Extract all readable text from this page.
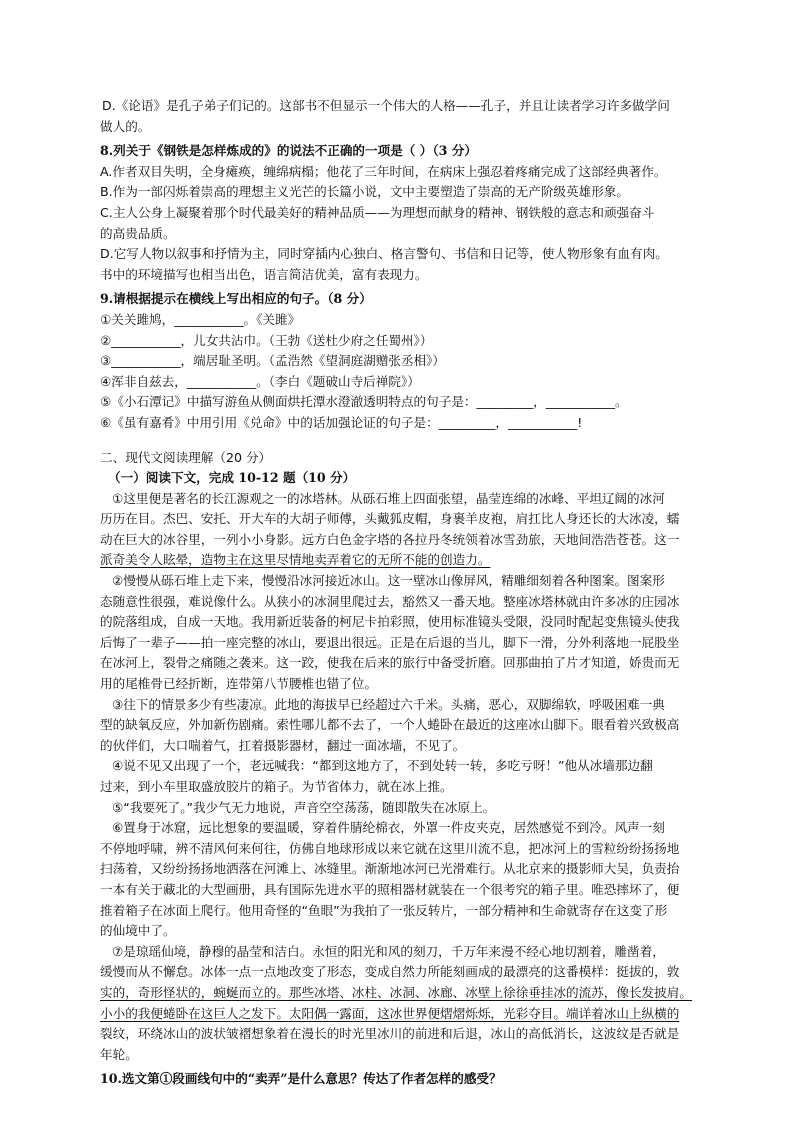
D.《论语》是孔子弟子们记的。这部书不但显示一个伟大的人格——孔子，并且让读者学习许多做学问
做人的。
8.列关于《钢铁是怎样炼成的》的说法不正确的一项是（ ）（3 分）
A.作者双目失明，全身瘫痪，缠绵病榻；他花了三年时间，在病床上强忍着疼痛完成了这部经典著作。
B.作为一部闪烁着崇高的理想主义光芒的长篇小说，文中主要塑造了崇高的无产阶级英雄形象。
C.主人公身上凝聚着那个时代最美好的精神品质——为理想而献身的精神、钢铁般的意志和顽强奋斗
的高贵品质。
D.它写人物以叙事和抒情为主，同时穿插内心独白、格言警句、书信和日记等，使人物形象有血有肉。
书中的环境描写也相当出色，语言简洁优美，富有表现力。
9.请根据提示在横线上写出相应的句子。（8 分）
①关关雎鸠，___________。《关雎》
②___________，儿女共沾巾。（王勃《送杜少府之任蜀州》）
③___________，端居耻圣明。（孟浩然《望洞庭湖赠张丞相》）
④浑非自兹去，___________。（李白《题破山寺后禅院》）
⑤《小石潭记》中描写游鱼从侧面烘托潭水澄澈透明特点的句子是：_________，___________。
⑥《虽有嘉肴》中用引用《兑命》中的话加强论证的句子是：_________，___________!
二、现代文阅读理解（20 分）
（一）阅读下文，完成 10-12 题（10 分）
①这里便是著名的长江源观之一的冰塔林。从砾石堆上四面张望，晶莹连绵的冰峰、平坦辽阔的冰河
历历在目。杰巴、安托、开大车的大胡子师傅，头戴狐皮帽，身裹羊皮袍，肩扛比人身还长的大冰凌，蠕
动在巨大的冰谷里，一列小小身影。远方白色金字塔的各拉丹冬统领着冰雪劲旅，天地间浩浩苍苍。这一
派奇美令人眩晕，造物主在这里尽情地卖弄着它的无所不能的创造力。
②慢慢从砾石堆上走下来，慢慢沿冰河接近冰山。这一壁冰山像屏风，精雕细刻着各种图案。图案形
态随意性很强，难说像什么。从狭小的冰洞里爬过去，豁然又一番天地。整座冰塔林就由许多冰的庄园冰
的院落组成，自成一天地。我用新近装备的柯尼卡拍彩照，使用标准镜头受限，没同时配起变焦镜头使我
后悔了一辈子——拍一座完整的冰山，要退出很远。正是在后退的当儿，脚下一滑，分外利落地一屁股坐
在冰河上，裂骨之痛随之袭来。这一跤，使我在后来的旅行中备受折磨。回那曲拍了片才知道，娇贵而无
用的尾椎骨已经折断，连带第八节腰椎也错了位。
③往下的情景多少有些凄凉。此地的海拔早已经超过六千米。头痛，恶心，双脚绵软，呼吸困难一典
型的缺氧反应，外加新伤剧痛。索性哪儿都不去了，一个人蜷卧在最近的这座冰山脚下。眼看着兴致极高
的伙伴们，大口喘着气，扛着摄影器材，翻过一面冰墙，不见了。
④说不见又出现了一个，老远喊我：“都到这地方了，不到处转一转，多吃亏呀！”他从冰墙那边翻
过来，到小车里取盛放胶片的箱子。为节省体力，就在冰上推。
⑤“我要死了。”我少气无力地说，声音空空荡荡，随即散失在冰原上。
⑥置身于冰窟，远比想象的要温暖，穿着件腈纶棉衣，外罩一件皮夹克，居然感觉不到冷。风声一刻
不停地呼啸，辨不清风何来何往，仿佛自地球形成以来它就在这里川流不息，把冰河上的雪粒纷纷扬扬地
扫荡着，又纷纷扬扬地洒落在河滩上、冰缝里。渐渐地冰河已光滑难行。从北京来的摄影师大吴，负责抬
一本有关于藏北的大型画册，具有国际先进水平的照相器材就装在一个很考究的箱子里。唯恐摔坏了，便
推着箱子在冰面上爬行。他用奇怪的“鱼眼”为我拍了一张反转片，一部分精神和生命就寄存在这变了形
的仙境中了。
⑦是琼瑶仙境，静穆的晶莹和洁白。永恒的阳光和风的刻刀，千万年来漫不经心地切割着，雕凿着，
缓慢而从不懈怠。冰体一点一点地改变了形态，变成自然力所能刻画成的最漂亮的这番模样：挺拔的，敦
实的，奇形怪状的，蜿蜒而立的。那些冰塔、冰柱、冰洞、冰廊、冰壁上徐徐垂挂冰的流苏，像长发披肩。
小小的我便蜷卧在这巨人之发下。太阳偶一露面，这冰世界便熠熠烁烁，光彩夺目。端详着冰山上纵横的
裂纹，环绕冰山的波状皱褶想象着在漫长的时光里冰川的前进和后退，冰山的高低消长，这波纹是否就是
年轮。
10.选文第①段画线句中的“卖弄”是什么意思？传达了作者怎样的感受？
